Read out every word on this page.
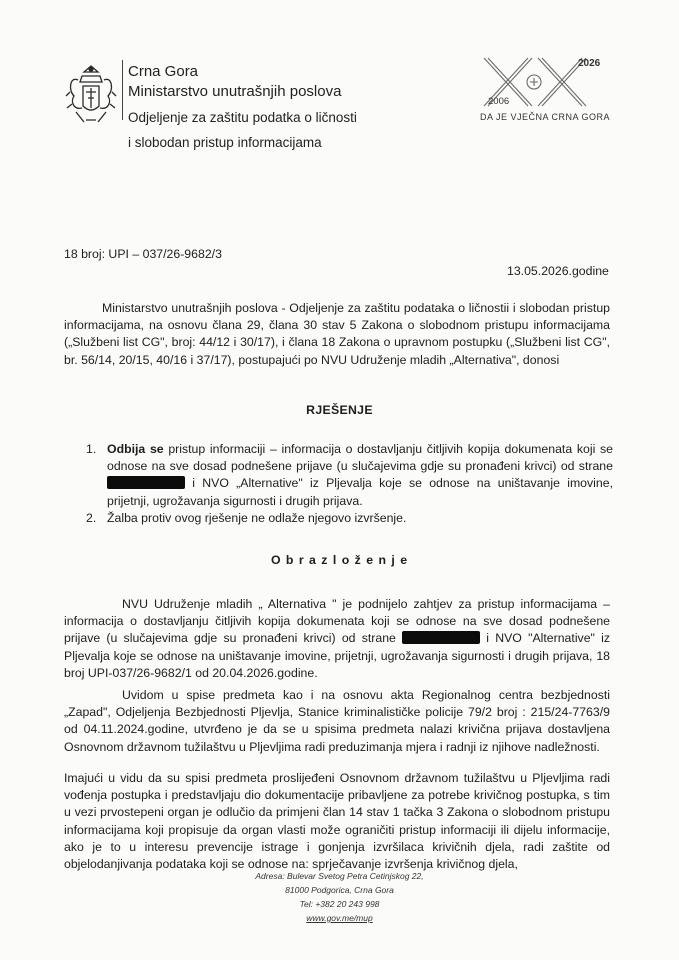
Crna Gora
Ministarstvo unutrašnjih poslova
Odjeljenje za zaštitu podatka o ličnosti
i slobodan pristup informacijama
2026
2006
DA JE VJEČNA CRNA GORA
18 broj: UPI – 037/26-9682/3
13.05.2026.godine
Ministarstvo unutrašnjih poslova - Odjeljenje za zaštitu podataka o ličnostii i slobodan pristup informacijama, na osnovu člana 29, člana 30 stav 5 Zakona o slobodnom pristupu informacijama („Službeni list CG", broj: 44/12 i 30/17), i člana 18 Zakona o upravnom postupku („Službeni list CG", br. 56/14, 20/15, 40/16 i 37/17), postupajući po NVU Udruženje mladih „Alternativa", donosi
RJEŠENJE
1. Odbija se pristup informaciji – informacija o dostavljanju čitljivih kopija dokumenata koji se odnose na sve dosad podnešene prijave (u slučajevima gdje su pronađeni krivci) od strane  i NVO „Alternative" iz Pljevalja koje se odnose na uništavanje imovine, prijetnji, ugrožavanja sigurnosti i drugih prijava.
2. Žalba protiv ovog rješenje ne odlaže njegovo izvršenje.
O b r a z l o ž e n j e
NVU Udruženje mladih „ Alternativa " je podnijelo zahtjev za pristup informacijama – informacija o dostavljanju čitljivih kopija dokumenata koji se odnose na sve dosad podnešene prijave (u slučajevima gdje su pronađeni krivci) od strane	i NVO "Alternative" iz Pljevalja koje se odnose na uništavanje imovine, prijetnji, ugrožavanja sigurnosti i drugih prijava, 18 broj UPI-037/26-9682/1 od 20.04.2026.godine.
Uvidom u spise predmeta kao i na osnovu akta Regionalnog centra bezbjednosti „Zapad", Odjeljenja Bezbjednosti Pljevlja, Stanice kriminalističke policije 79/2 broj : 215/24-7763/9 od 04.11.2024.godine, utvrđeno je da se u spisima predmeta nalazi krivična prijava dostavljena Osnovnom državnom tužilaštvu u Pljevljima radi preduzimanja mjera i radnji iz njihove nadležnosti.
Imajući u vidu da su spisi predmeta proslijeđeni Osnovnom državnom tužilaštvu u Pljevljima radi vođenja postupka i predstavljaju dio dokumentacije pribavljene za potrebe krivičnog postupka, s tim u vezi prvostepeni organ je odlučio da primjeni član 14 stav 1 tačka 3 Zakona o slobodnom pristupu informacijama koji propisuje da organ vlasti može ograničiti pristup informaciji ili dijelu informacije, ako je to u interesu prevencije istrage i gonjenja izvršilaca krivičnih djela, radi zaštite od objelodanjivanja podataka koji se odnose na: sprječavanje izvršenja krivičnog djela,
Adresa: Bulevar Svetog Petra Cetinjskog 22,
81000 Podgorica, Crna Gora
Tel: +382 20 243 998
www.gov.me/mup
